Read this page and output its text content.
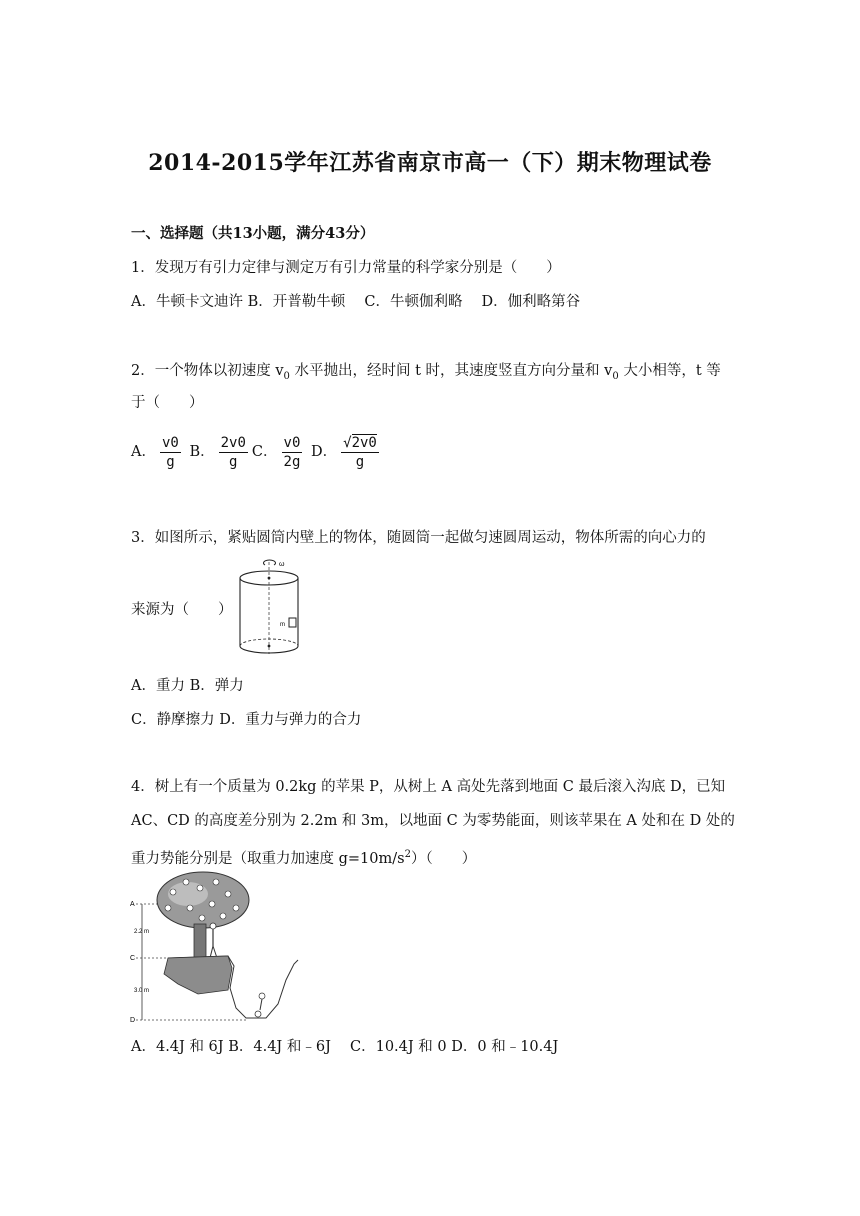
2014-2015学年江苏省南京市高一（下）期末物理试卷
一、选择题（共13小题，满分43分）
1．发现万有引力定律与测定万有引力常量的科学家分别是（　　）
A．牛顿卡文迪许 B．开普勒牛顿　 C．牛顿伽利略　 D．伽利略第谷
2．一个物体以初速度 $v_0$ 水平抛出，经时间 t 时，其速度竖直方向分量和 $v_0$ 大小相等，t 等
于（　　）
A． $\frac{v0}{g}$ B． $\frac{2v0}{g}$ C． $\frac{v0}{2g}$ D． $\frac{√2v0}{g}$
3．如图所示，紧贴圆筒内壁上的物体，随圆筒一起做匀速圆周运动，物体所需的向心力的
来源为（　　）
ω
m
A．重力 B．弹力
C．静摩擦力 D．重力与弹力的合力
4．树上有一个质量为 0.2kg 的苹果 P，从树上 A 高处先落到地面 C 最后滚入沟底 D，已知
AC、CD 的高度差分别为 2.2m 和 3m，以地面 C 为零势能面，则该苹果在 A 处和在 D 处的
重力势能分别是（取重力加速度 $g=10m/s^2$）（　　）
A
C
D
2.2 m
3.0 m
A．4.4J 和 6J B．4.4J 和﹣6J　 C．10.4J 和 0 D．0 和﹣10.4J
